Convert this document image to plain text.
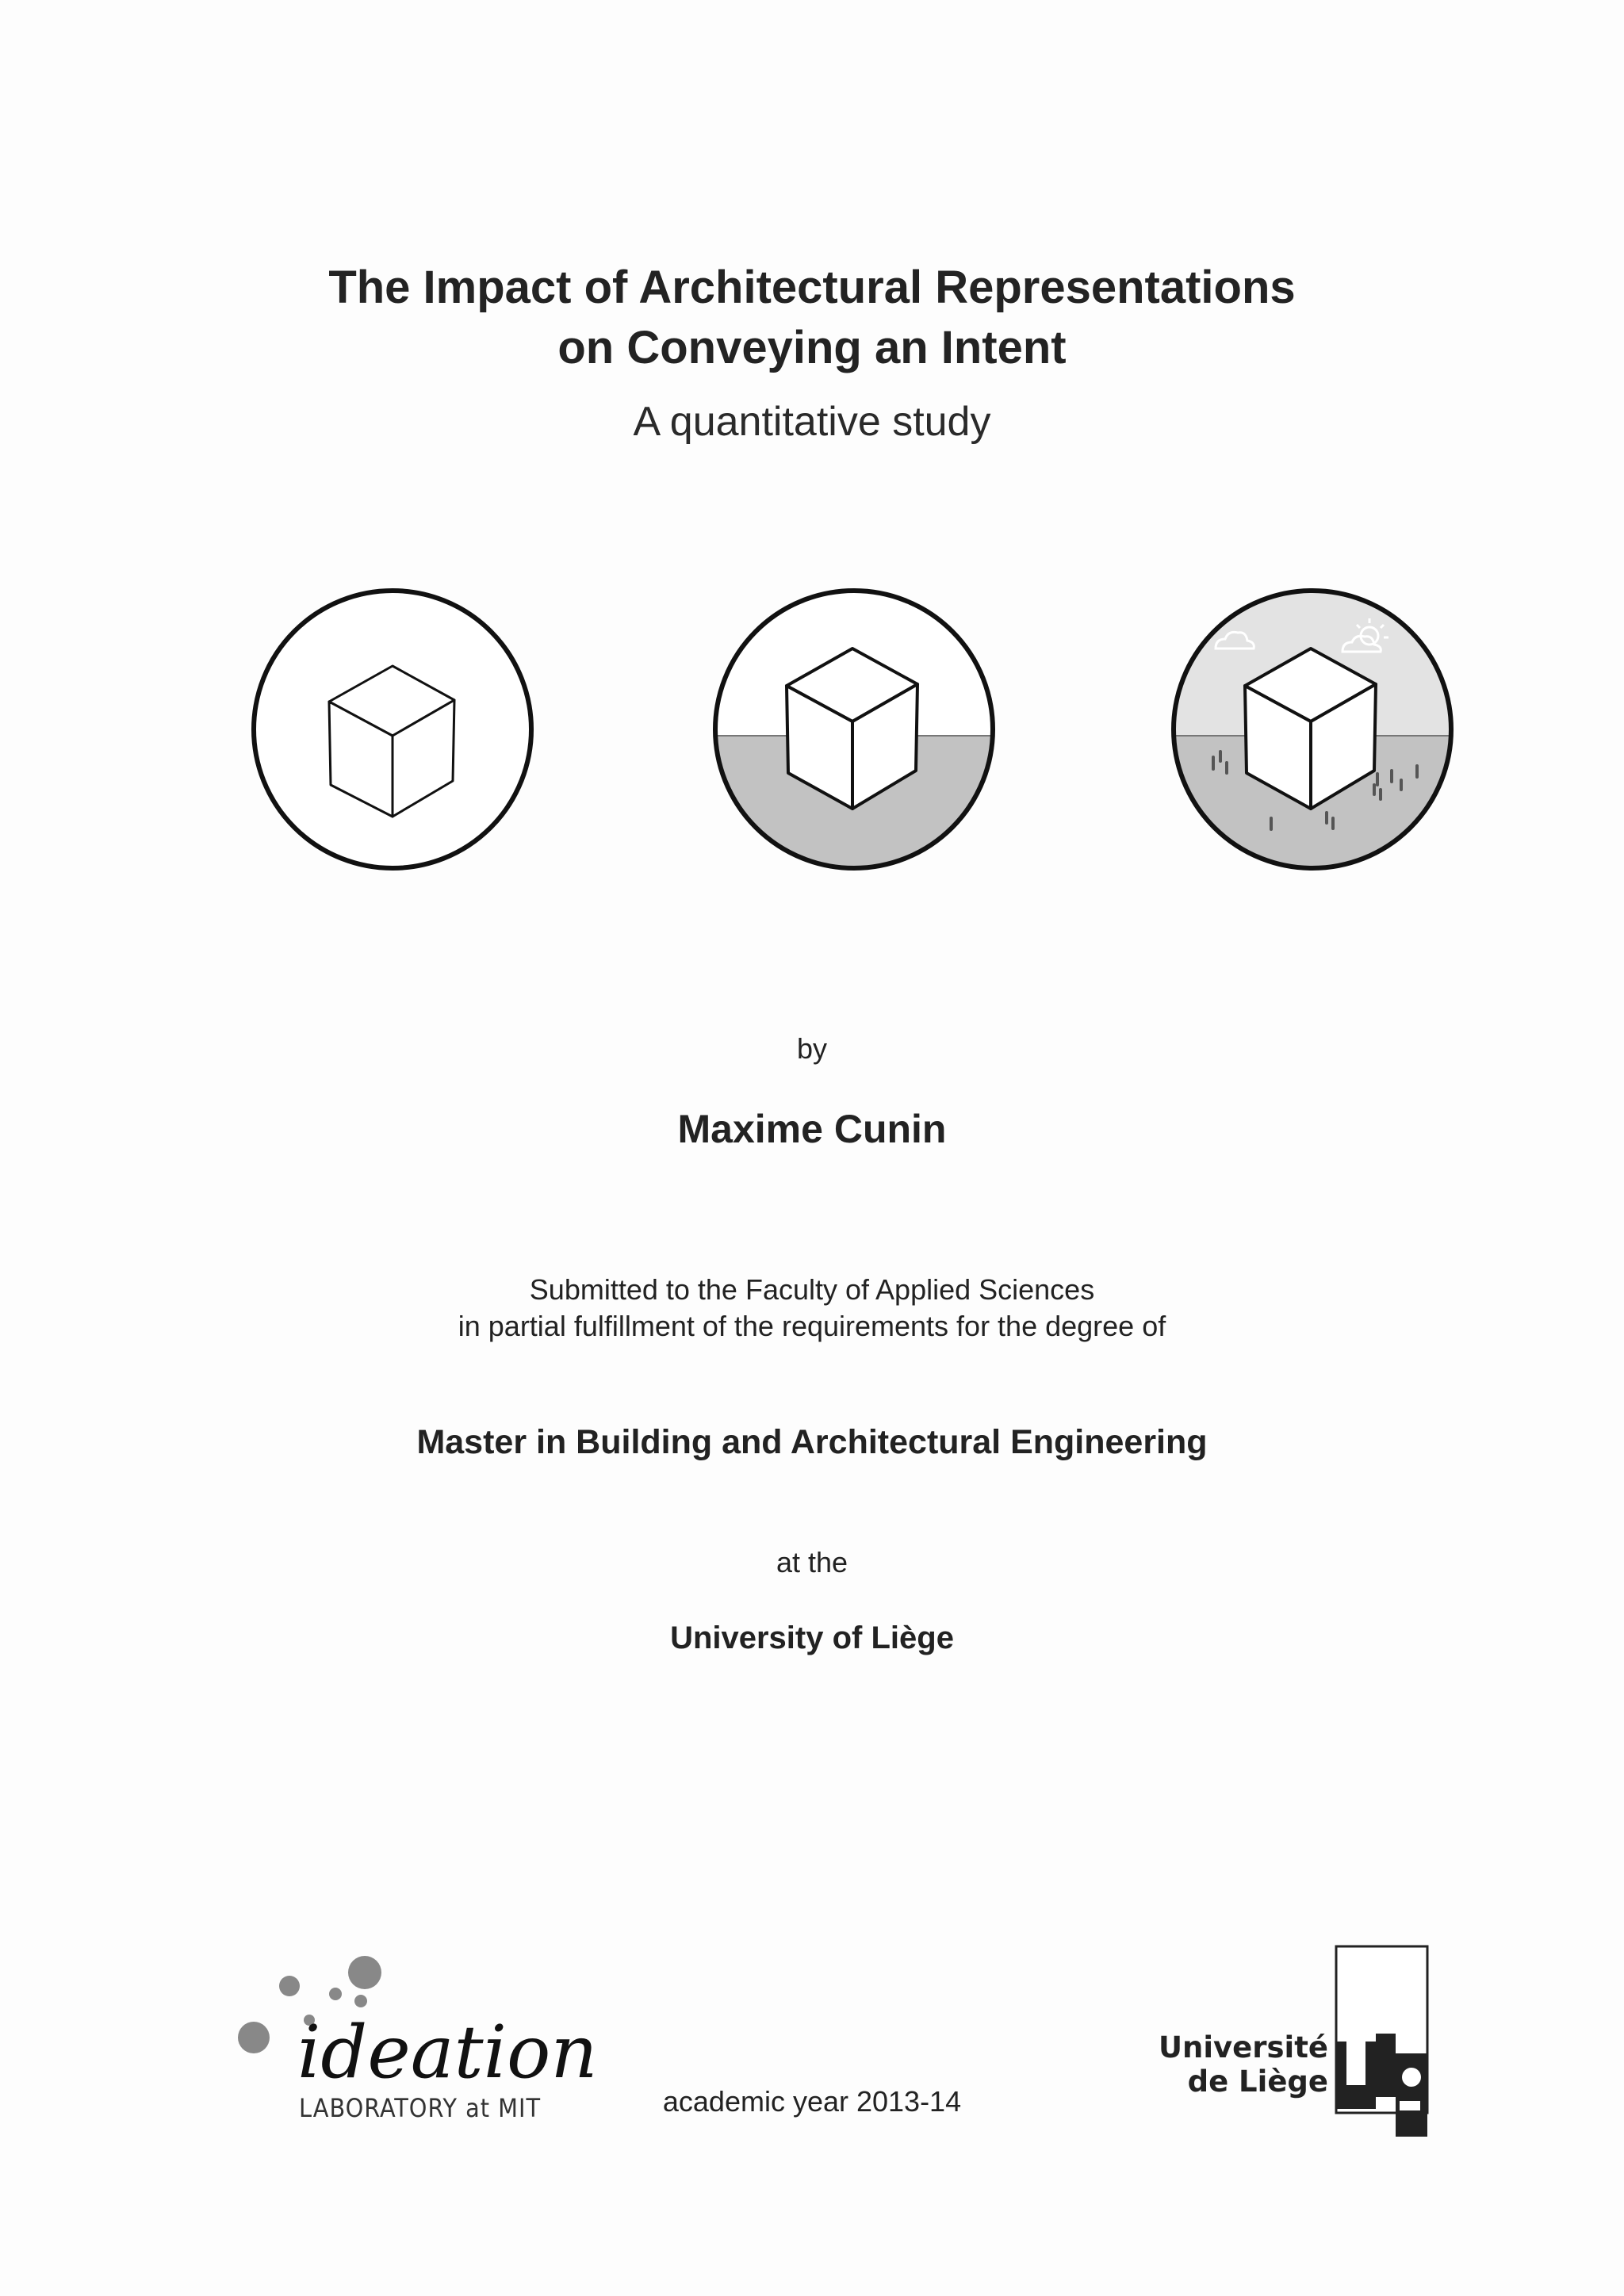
The Impact of Architectural Representations
on Conveying an Intent
A quantitative study
by
Maxime Cunin
Submitted to the Faculty of Applied Sciences
in partial fulfillment of the requirements for the degree of
Master in Building and Architectural Engineering
at the
University of Liège
academic year 2013-14
ideation
LABORATORY at MIT
Université
de Liège
